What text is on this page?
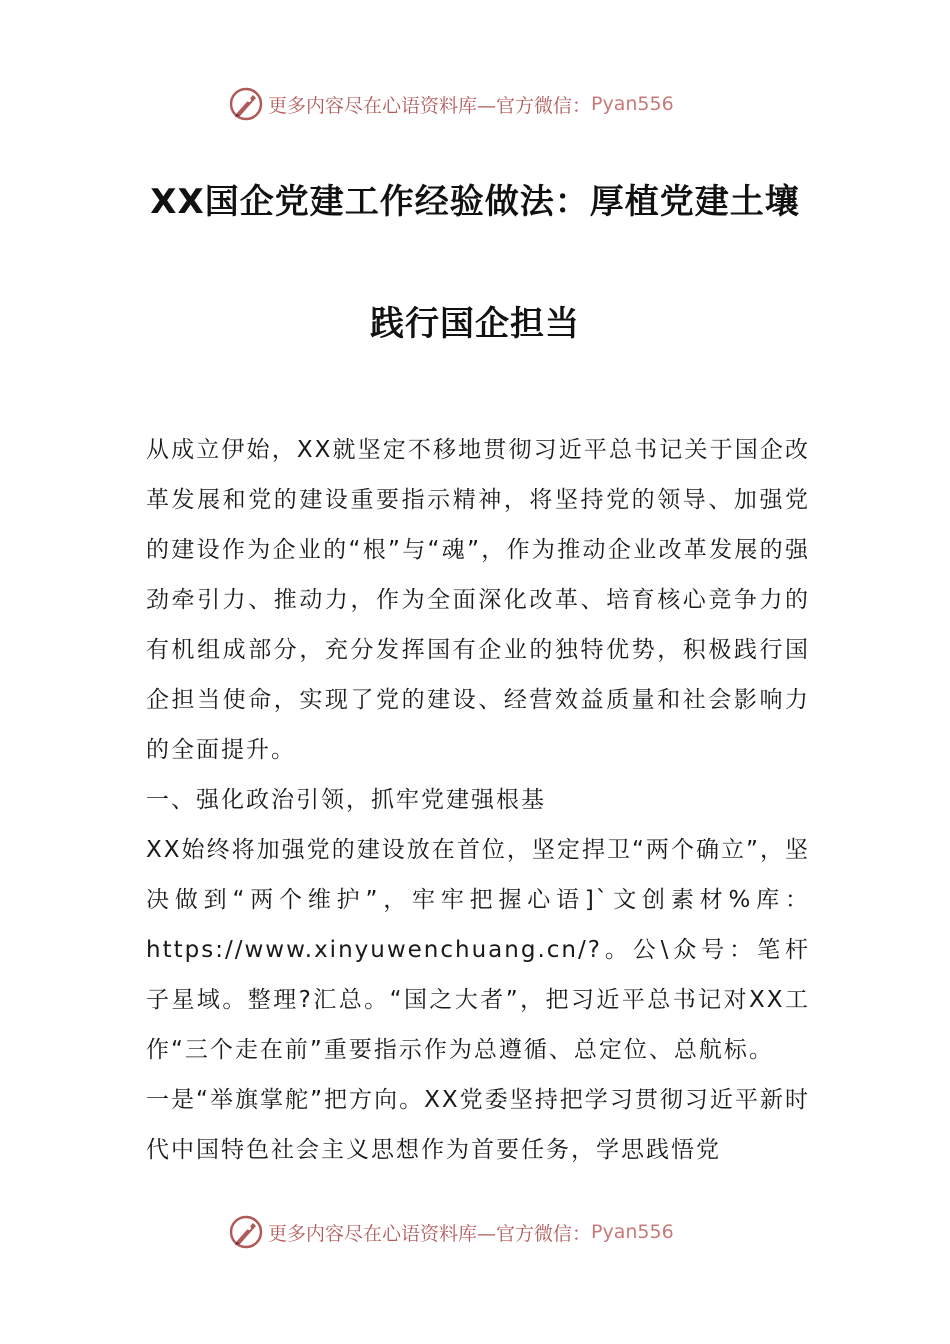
更多内容尽在心语资料库—官方微信： Pyan556
XX国企党建工作经验做法：厚植党建土壤
践行国企担当

从成立伊始，XX就坚定不移地贯彻习近平总书记关于国企改革发展和党的建设重要指示精神，将坚持党的领导、加强党的建设作为企业的“根”与“魂”，作为推动企业改革发展的强劲牵引力、推动力，作为全面深化改革、培育核心竞争力的有机组成部分，充分发挥国有企业的独特优势，积极践行国企担当使命，实现了党的建设、经营效益质量和社会影响力的全面提升。

一、强化政治引领，抓牢党建强根基

XX始终将加强党的建设放在首位，坚定捍卫“两个确立”，坚决做到“两个维护”，牢牢把握心语]`文创素材%库：https://www.xinyuwenchuang.cn/?。公\众号：笔杆子星域。整理?汇总。“国之大者”，把习近平总书记对XX工作“三个走在前”重要指示作为总遵循、总定位、总航标。

一是“举旗掌舵”把方向。XX党委坚持把学习贯彻习近平新时代中国特色社会主义思想作为首要任务，学思践悟党

更多内容尽在心语资料库—官方微信： Pyan556
